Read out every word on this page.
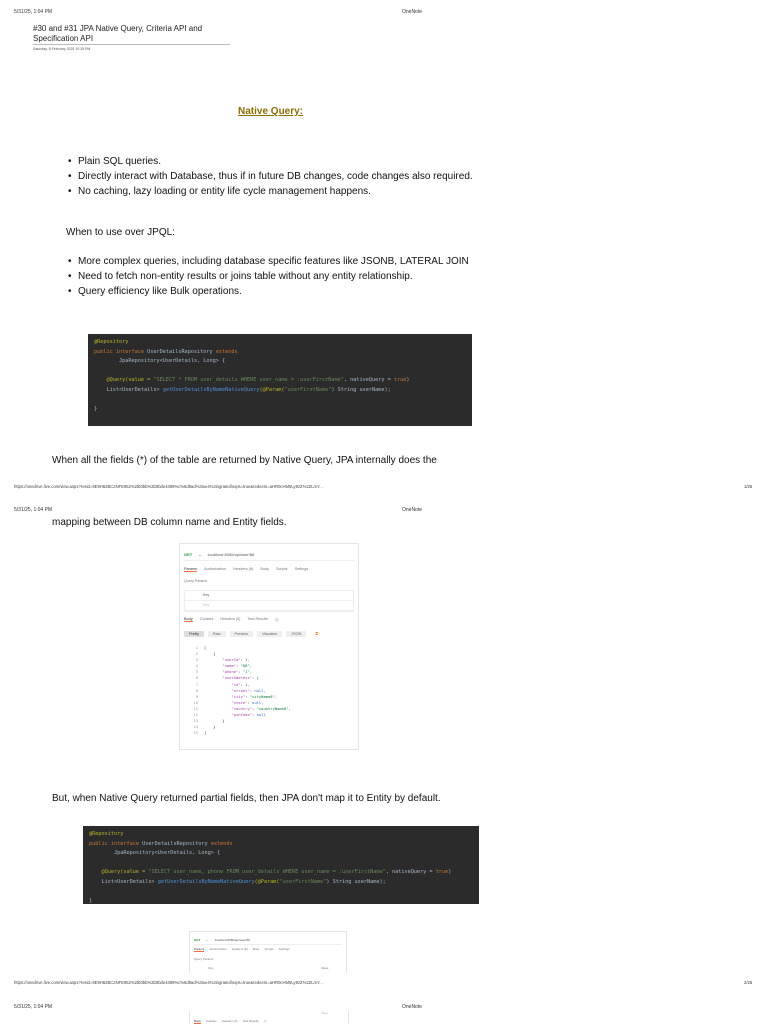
5/31/25, 1:04 PM	OneNote
#30 and #31 JPA Native Query, Criteria API and
Specification API
Saturday, 8 February 2025 10:25 PM
Native Query:
• Plain SQL queries.
• Directly interact with Database, thus if in future DB changes, code changes also required.
• No caching, lazy loading or entity life cycle management happens.
When to use over JPQL:
• More complex queries, including database specific features like JSONB, LATERAL JOIN
• Need to fetch non-entity results or joins table without any entity relationship.
• Query efficiency like Bulk operations.
@Repository
public interface UserDetailsRepository extends
JpaRepository<UserDetails, Long> {

@Query(value = "SELECT * FROM user_details WHERE user_name = :userFirstName", nativeQuery = true)
List<UserDetails> getUserDetailsByNameNativeQuery(@Param("userFirstName") String userName);

}
When all the fields (*) of the table are returned by Native Query, JPA internally does the
https://onedrive.live.com/view.aspx?resid=9E9H62BC2NFE852%2tb0bb%2b0bde4399%c%6d9ad%3Ixe4%3ingrated/sxps=true&redeem=aHR0cHM6Ly9zZ%2ZLmY...	1/25
5/31/25, 1:04 PM	OneNote
mapping between DB column name and Entity fields.
GET ⌄ localhost:8080/api/user/88
Params Authorization Headers (8) Body Scripts Settings
Query Params
Key
Key
Body Cookies Headers (5) Test Results ◷
Pretty	Raw	Preview	Visualize	JSON	⧉
1 [
2    {
3	"userId": 1,
4	"name": "88",
5	"phone": "1",
6	"userAddress": {
7	"id": 1,
8	"street": null,
9	"city": "cityName8",
10	"state": null,
11	"country": "countryName8",
12	"pinCode": null
13        }
14    }
15 ]
But, when Native Query returned partial fields, then JPA don't map it to Entity by default.
@Repository
public interface UserDetailsRepository extends
JpaRepository<UserDetails, Long> {

@Query(value = "SELECT user_name, phone FROM user_details WHERE user_name = :userFirstName", nativeQuery = true)
List<UserDetails> getUserDetailsByNameNativeQuery(@Param("userFirstName") String userName);

}
GET ⌄ localhost:8080/api/user/88
Params Authorization Headers (8) Body Scripts Settings
Query Params
Key	Value
https://onedrive.live.com/view.aspx?resid=9E9H62BC2NFE852%2tb0bb%2b0bde4399%c%6d9ad%3Ixe4%3ingrated/sxps=true&redeem=aHR0cHM6Ly9zZ%2ZLmY...	2/25
5/31/25, 1:04 PM	OneNote
Value
Body Cookies Headers (4) Test Results ◷
